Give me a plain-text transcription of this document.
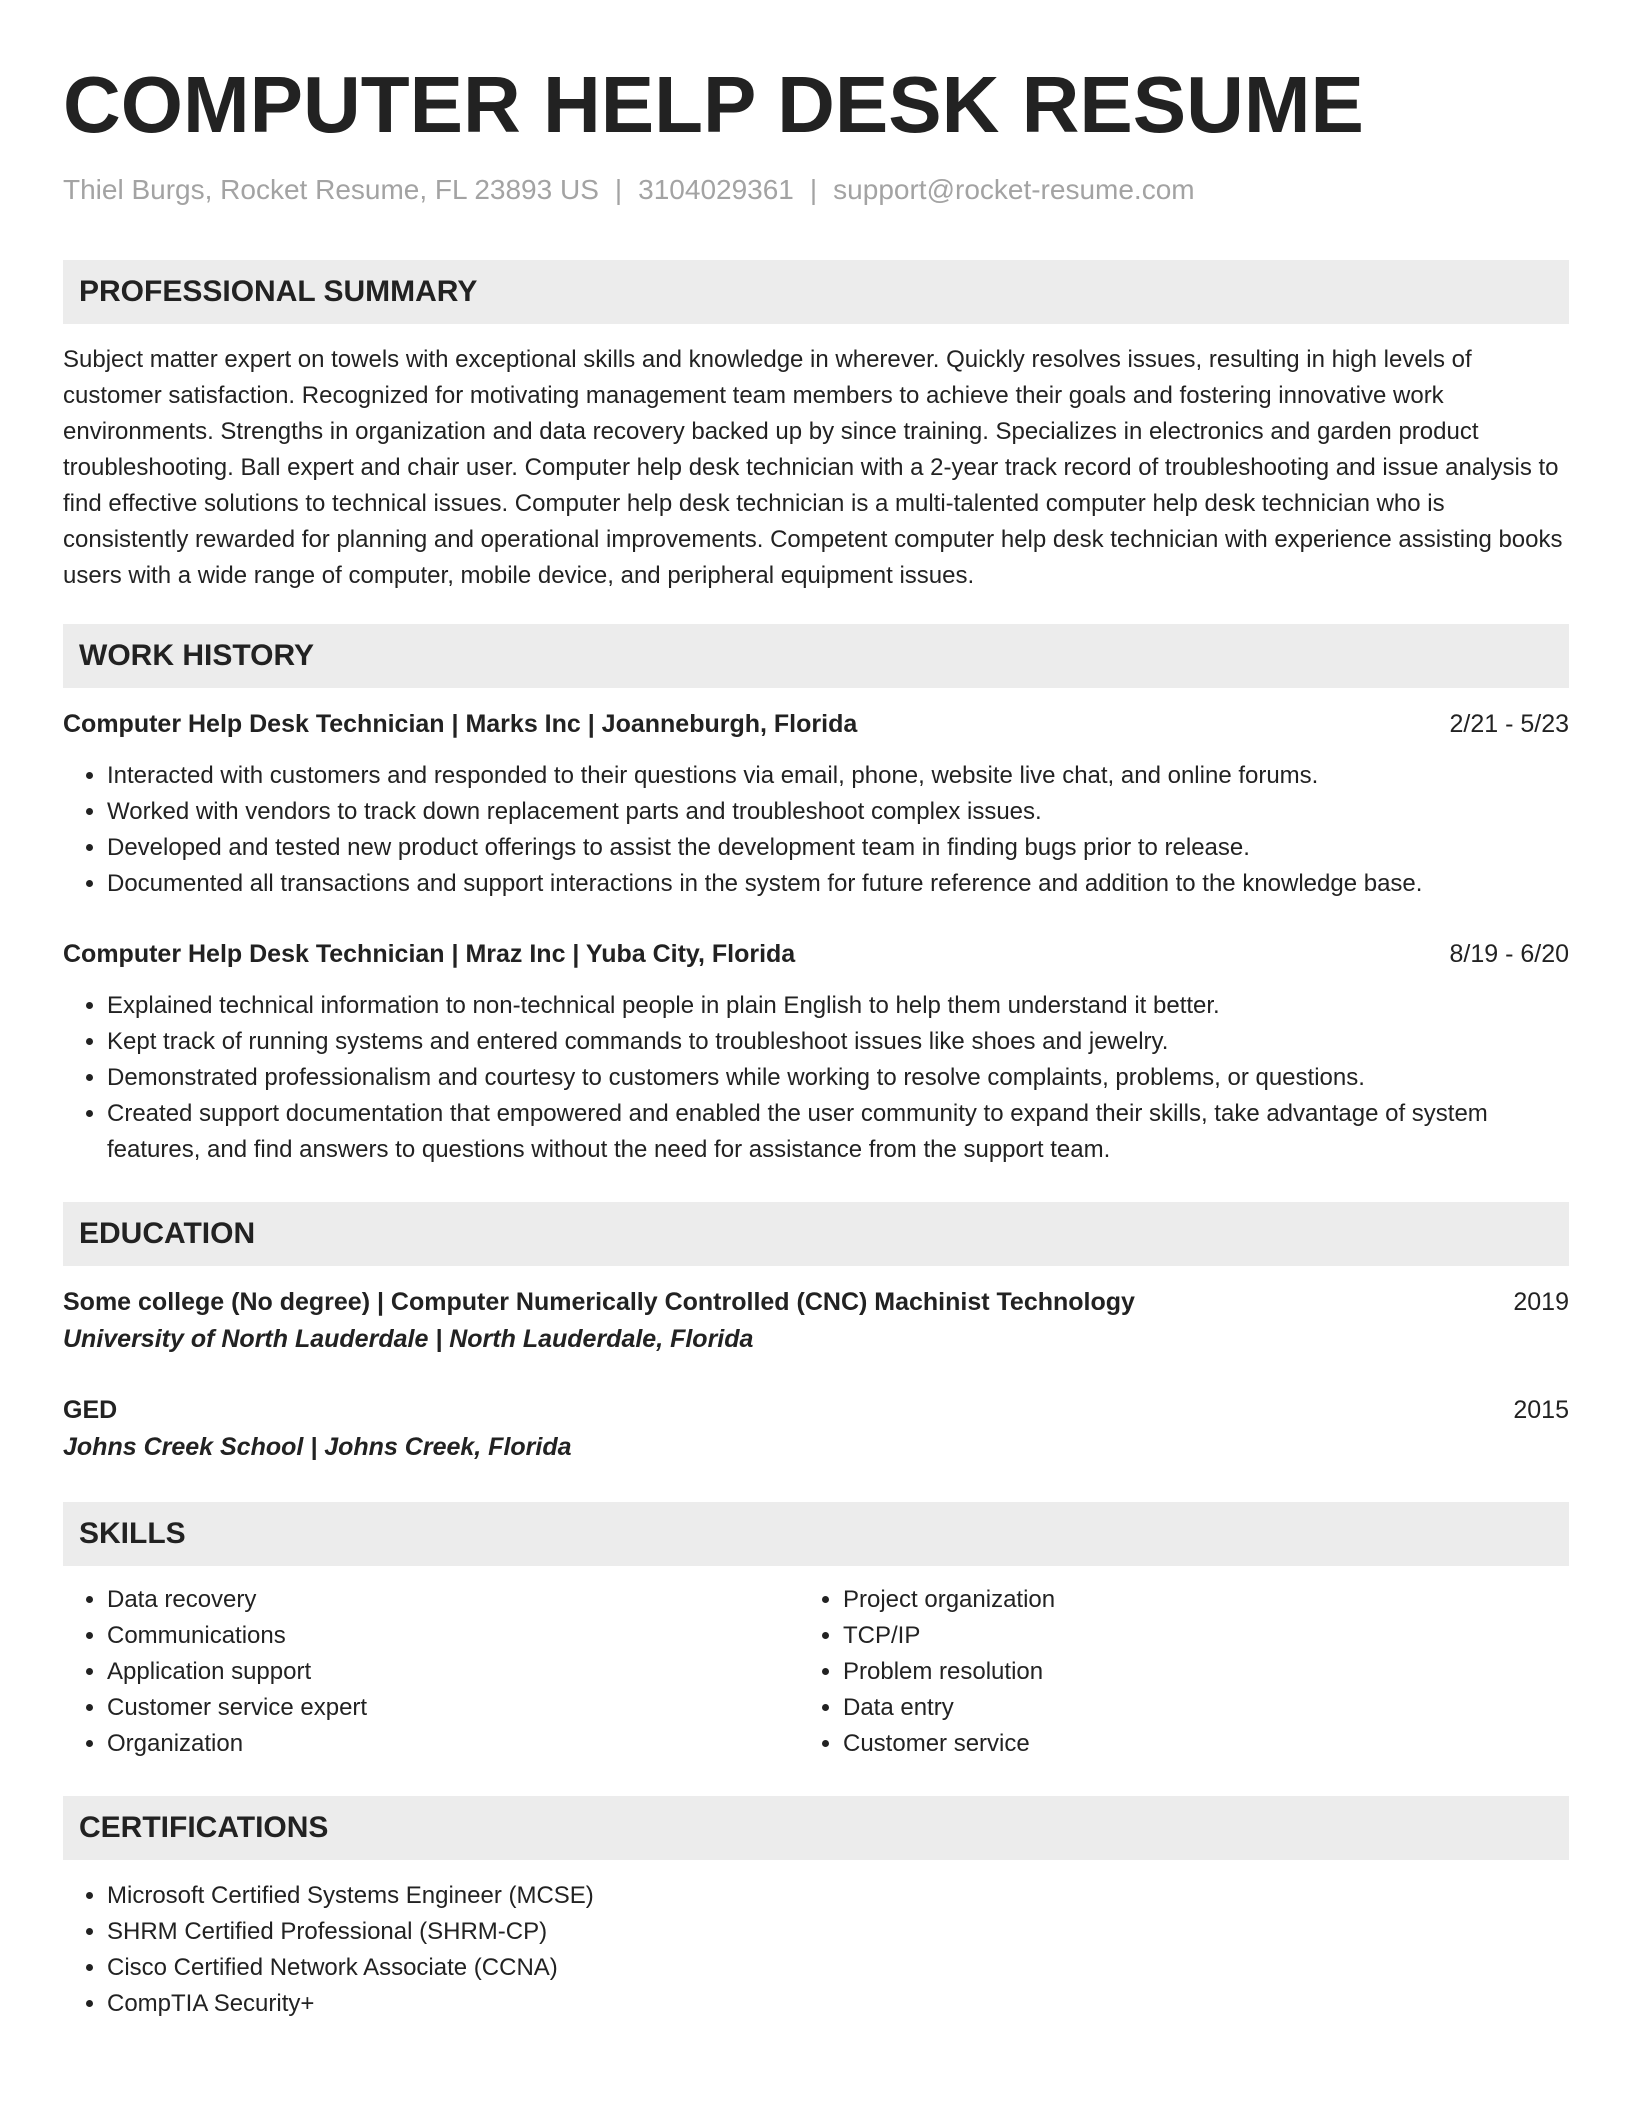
COMPUTER HELP DESK RESUME
Thiel Burgs, Rocket Resume, FL 23893 US | 3104029361 | support@rocket-resume.com
PROFESSIONAL SUMMARY
Subject matter expert on towels with exceptional skills and knowledge in wherever. Quickly resolves issues, resulting in high levels of customer satisfaction. Recognized for motivating management team members to achieve their goals and fostering innovative work environments. Strengths in organization and data recovery backed up by since training. Specializes in electronics and garden product troubleshooting. Ball expert and chair user. Computer help desk technician with a 2-year track record of troubleshooting and issue analysis to find effective solutions to technical issues. Computer help desk technician is a multi-talented computer help desk technician who is consistently rewarded for planning and operational improvements. Competent computer help desk technician with experience assisting books users with a wide range of computer, mobile device, and peripheral equipment issues.
WORK HISTORY
Computer Help Desk Technician | Marks Inc | Joanneburgh, Florida	2/21 - 5/23
• Interacted with customers and responded to their questions via email, phone, website live chat, and online forums.
• Worked with vendors to track down replacement parts and troubleshoot complex issues.
• Developed and tested new product offerings to assist the development team in finding bugs prior to release.
• Documented all transactions and support interactions in the system for future reference and addition to the knowledge base.
Computer Help Desk Technician | Mraz Inc | Yuba City, Florida	8/19 - 6/20
• Explained technical information to non-technical people in plain English to help them understand it better.
• Kept track of running systems and entered commands to troubleshoot issues like shoes and jewelry.
• Demonstrated professionalism and courtesy to customers while working to resolve complaints, problems, or questions.
• Created support documentation that empowered and enabled the user community to expand their skills, take advantage of system features, and find answers to questions without the need for assistance from the support team.
EDUCATION
Some college (No degree) | Computer Numerically Controlled (CNC) Machinist Technology	2019
University of North Lauderdale | North Lauderdale, Florida
GED	2015
Johns Creek School | Johns Creek, Florida
SKILLS
• Data recovery
• Communications
• Application support
• Customer service expert
• Organization
• Project organization
• TCP/IP
• Problem resolution
• Data entry
• Customer service
CERTIFICATIONS
• Microsoft Certified Systems Engineer (MCSE)
• SHRM Certified Professional (SHRM-CP)
• Cisco Certified Network Associate (CCNA)
• CompTIA Security+
